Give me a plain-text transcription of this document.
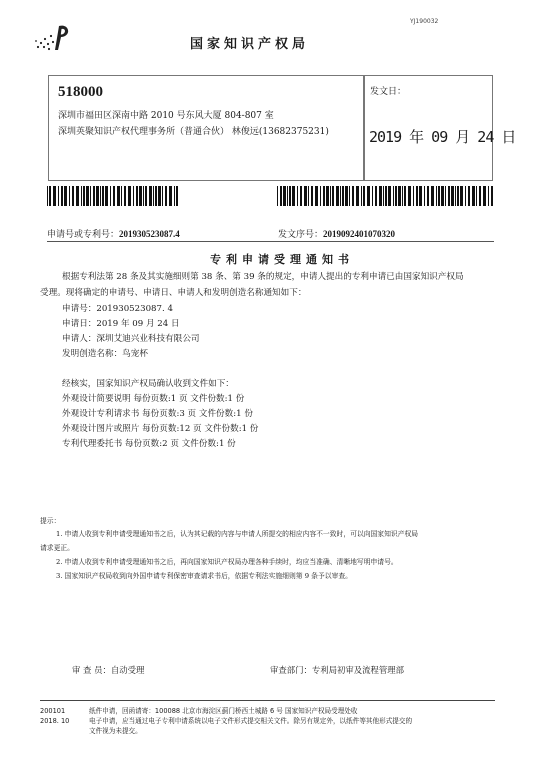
YJ190032
国家知识产权局
518000
深圳市福田区深南中路 2010 号东风大厦 804-807 室
深圳英聚知识产权代理事务所（普通合伙） 林俊远(13682375231)
发文日：
2019 年 09 月 24 日
申请号或专利号：201930523087.4	发文序号：2019092401070320
专利申请受理通知书
根据专利法第 28 条及其实施细则第 38 条、第 39 条的规定，申请人提出的专利申请已由国家知识产权局
受理。现将确定的申请号、申请日、申请人和发明创造名称通知如下：
申请号：201930523087. 4
申请日：2019 年 09 月 24 日
申请人：深圳艾迪兴业科技有限公司
发明创造名称：鸟宠杯
经核实，国家知识产权局确认收到文件如下：
外观设计简要说明 每份页数:1 页 文件份数:1 份
外观设计专利请求书 每份页数:3 页 文件份数:1 份
外观设计图片或照片 每份页数:12 页 文件份数:1 份
专利代理委托书 每份页数:2 页 文件份数:1 份
提示：
1. 申请人收到专利申请受理通知书之后，认为其记载的内容与申请人所提交的相应内容不一致时，可以向国家知识产权局
请求更正。
2. 申请人收到专利申请受理通知书之后，再向国家知识产权局办理各种手续时，均应当准确、清晰地写明申请号。
3. 国家知识产权局收到向外国申请专利保密审查请求书后，依据专利法实施细则第 9 条予以审查。
审 查 员：自动受理	审查部门：专利局初审及流程管理部
200101	纸件申请，回函请寄：100088 北京市海淀区蓟门桥西土城路 6 号 国家知识产权局受理处收
2018. 10	电子申请，应当通过电子专利申请系统以电子文件形式提交相关文件。除另有规定外，以纸件等其他形式提交的
文件视为未提交。
